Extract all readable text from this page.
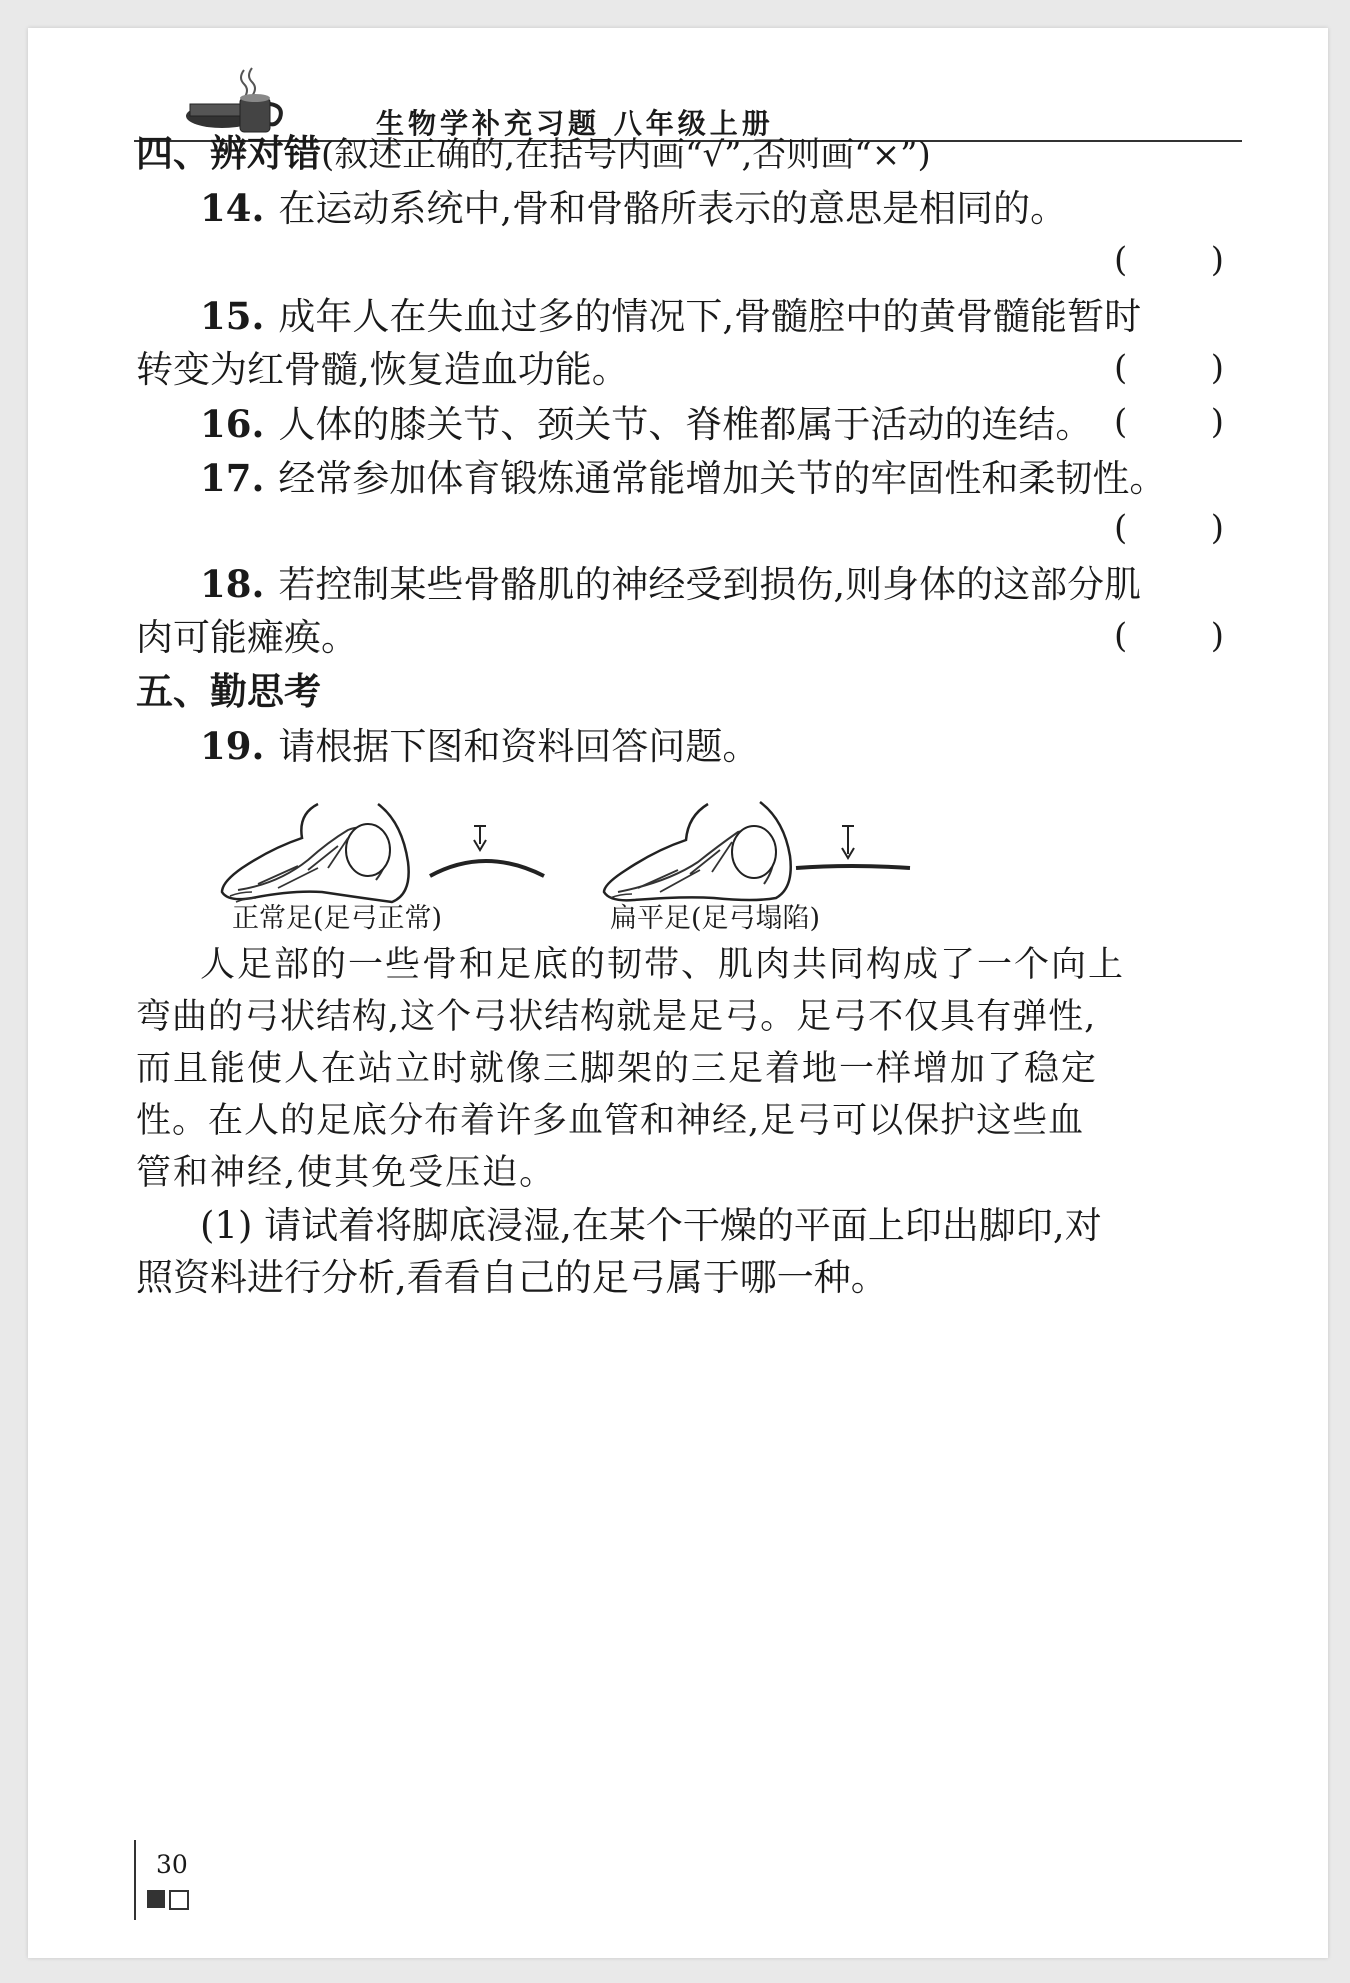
生物学补充习题 八年级上册
四、辨对错(叙述正确的,在括号内画“√”,否则画“×”)
14. 在运动系统中,骨和骨骼所表示的意思是相同的。
( )
15. 成年人在失血过多的情况下,骨髓腔中的黄骨髓能暂时
转变为红骨髓,恢复造血功能。	( )
16. 人体的膝关节、颈关节、脊椎都属于活动的连结。 ( )
17. 经常参加体育锻炼通常能增加关节的牢固性和柔韧性。
( )
18. 若控制某些骨骼肌的神经受到损伤,则身体的这部分肌
肉可能瘫痪。	( )
五、勤思考
19. 请根据下图和资料回答问题。
正常足(足弓正常)	扁平足(足弓塌陷)
人足部的一些骨和足底的韧带、肌肉共同构成了一个向上
弯曲的弓状结构,这个弓状结构就是足弓。足弓不仅具有弹性,
而且能使人在站立时就像三脚架的三足着地一样增加了稳定
性。在人的足底分布着许多血管和神经,足弓可以保护这些血
管和神经,使其免受压迫。
(1) 请试着将脚底浸湿,在某个干燥的平面上印出脚印,对
照资料进行分析,看看自己的足弓属于哪一种。
30
